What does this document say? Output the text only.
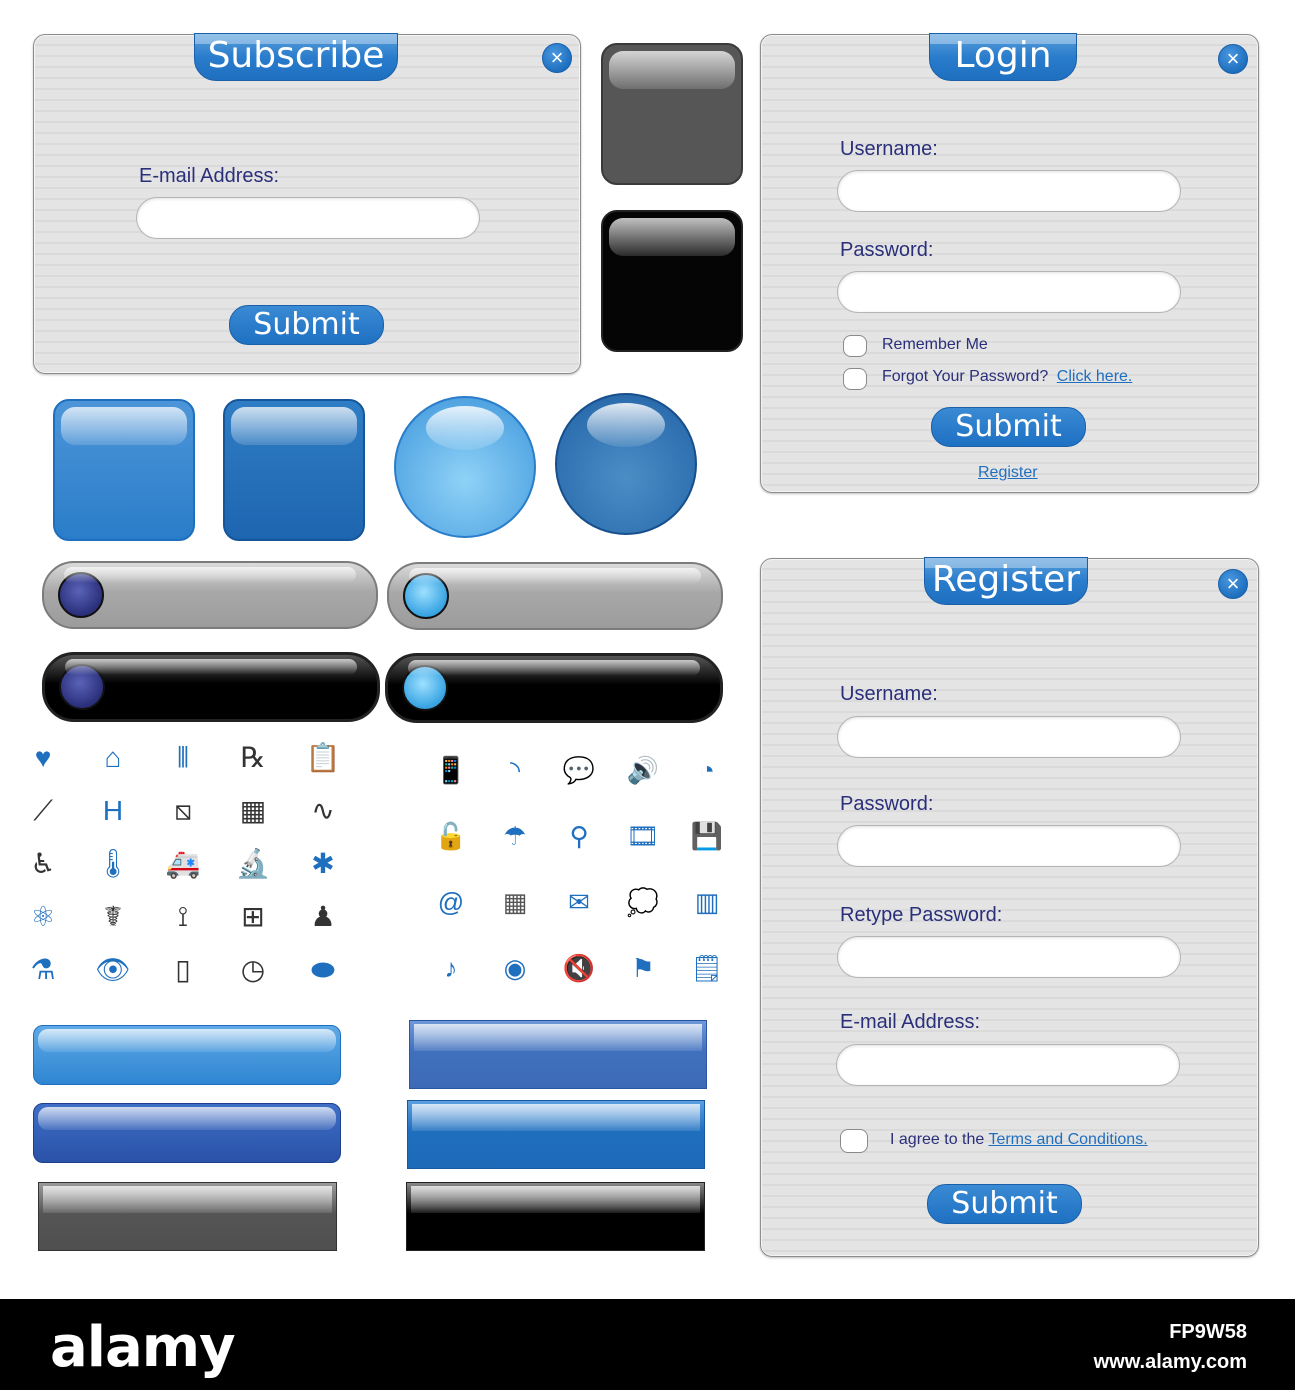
Subscribe	×
E-mail Address:
Submit
Login	×
Username:
Password:
Remember Me
Forgot Your Password? Click here.
Submit
Register
♥	⌂	⫴	℞	📋
⟋	H	⧅	▦	∿
♿	🌡 🚑 🔬	✱
⚛	☤	⟟	⊞	♟
⚗	👁	▯	◷	⬬
📱	◝	💬 🔊	◔
🔓	☂	⚲	🎞 💾
@	▦	✉	💭	▥
♪	◉	🔇	⚑	🗒
Register	×
Username:
Password:
Retype Password:
E-mail Address:
I agree to the Terms and Conditions.
Submit
alamy	FP9W58
www.alamy.com
